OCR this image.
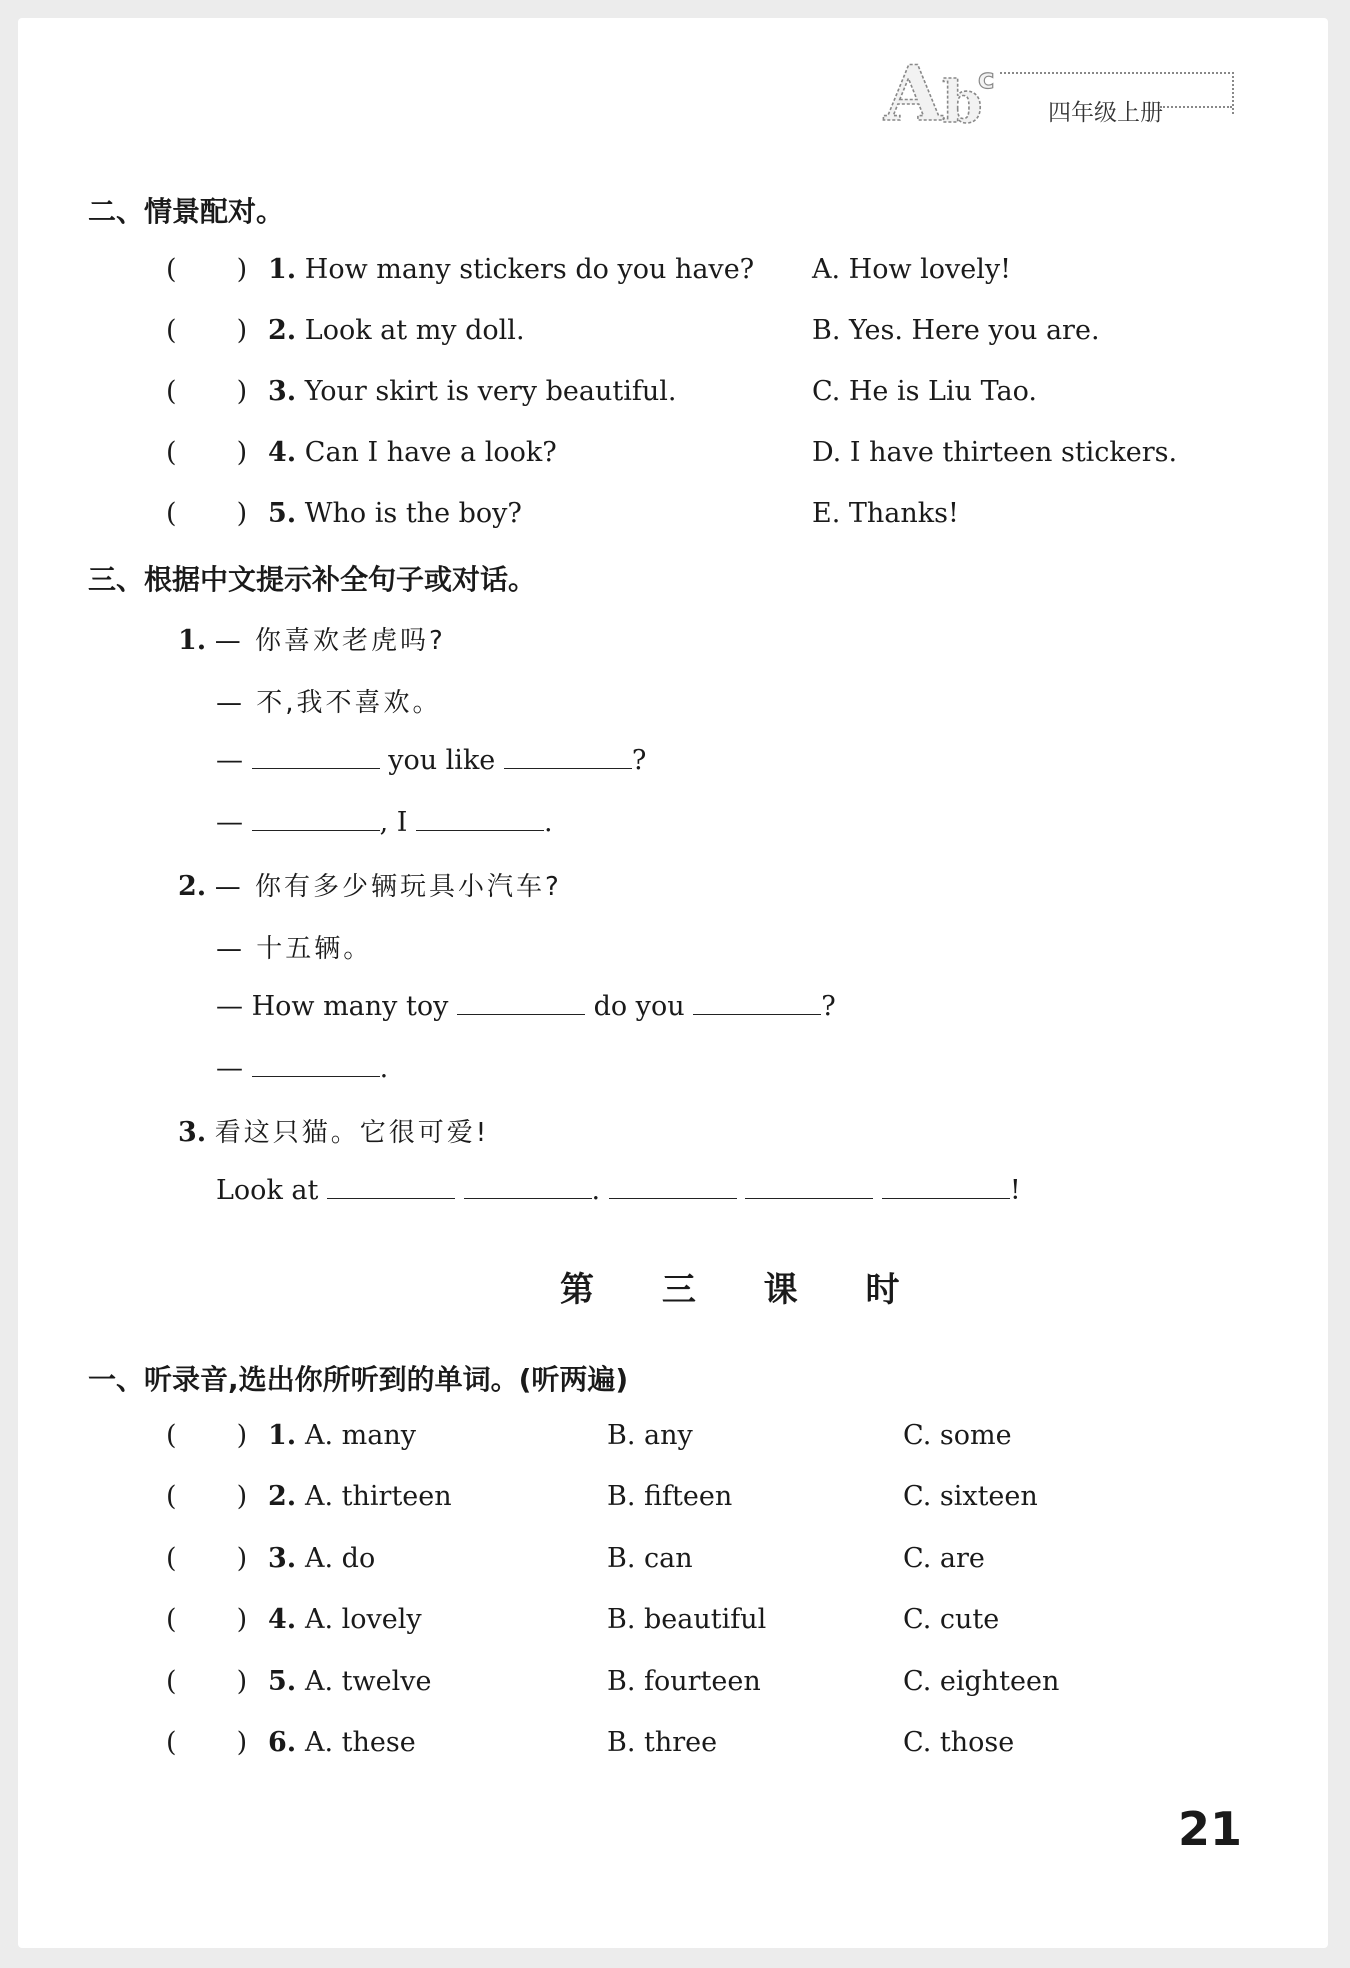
A b
c
四年级上册
二、情景配对。
(       ) 1. How many stickers do you have? A. How lovely!
(       ) 2. Look at my doll.	B. Yes. Here you are.
(       ) 3. Your skirt is very beautiful.	C. He is Liu Tao.
(       ) 4. Can I have a look?	D. I have thirteen stickers.
(       ) 5. Who is the boy?	E. Thanks!
三、根据中文提示补全句子或对话。
1. — 你喜欢老虎吗?
— 不,我不喜欢。
—	you like	?
—	, I	.
2. — 你有多少辆玩具小汽车?
— 十五辆。
— How many toy	do you	?
—	.
3. 看这只猫。它很可爱!
Look at	.	!
第 三 课 时
一、听录音,选出你所听到的单词。(听两遍)
(       ) 1. A. many	B. any	C. some
(       ) 2. A. thirteen	B. fifteen	C. sixteen
(       ) 3. A. do	B. can	C. are
(       ) 4. A. lovely	B. beautiful	C. cute
(       ) 5. A. twelve	B. fourteen	C. eighteen
(       ) 6. A. these	B. three	C. those
21
